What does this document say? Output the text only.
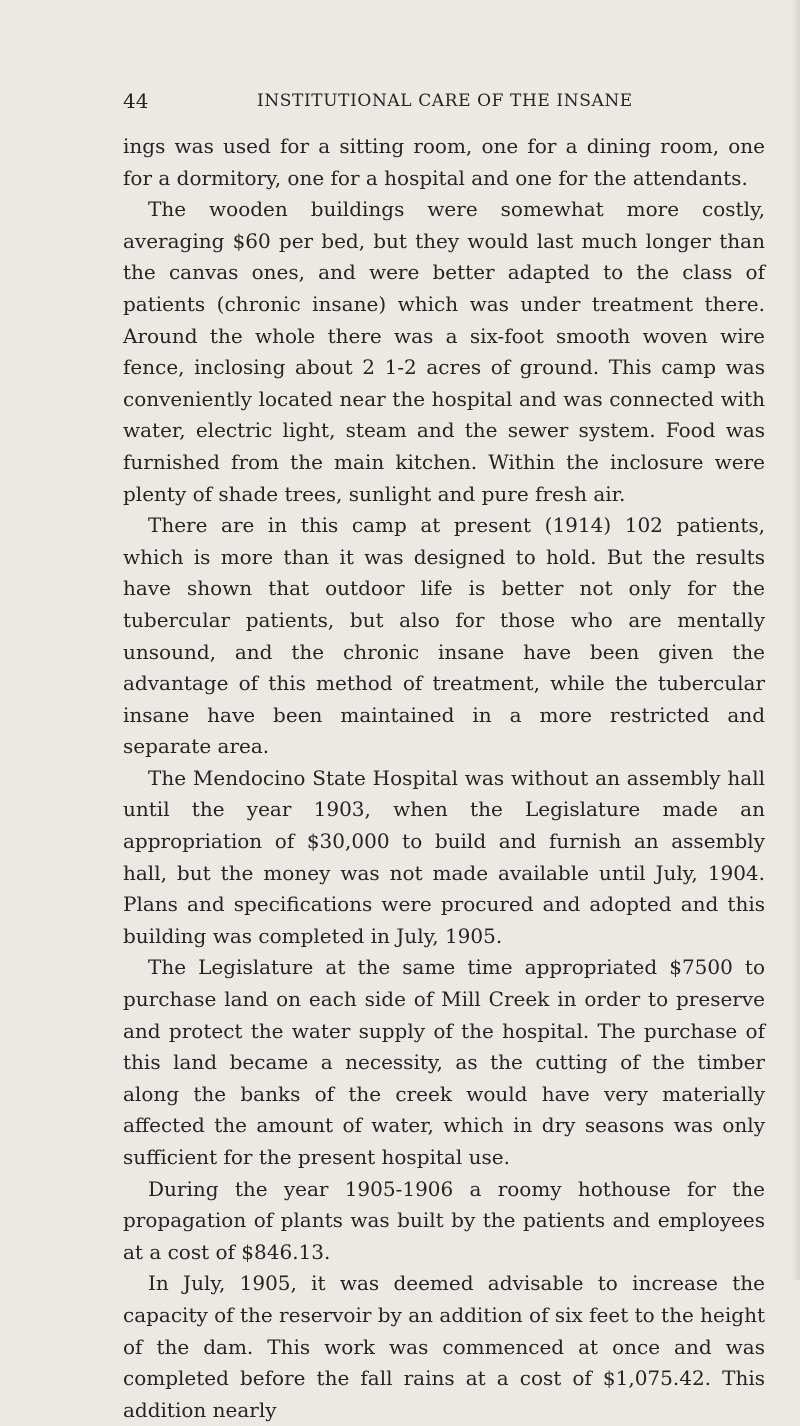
44	INSTITUTIONAL CARE OF THE INSANE

ings was used for a sitting room, one for a dining room, one for a dormitory, one for a hospital and one for the attendants.

The wooden buildings were somewhat more costly, averaging $60 per bed, but they would last much longer than the canvas ones, and were better adapted to the class of patients (chronic insane) which was under treatment there. Around the whole there was a six-foot smooth woven wire fence, inclosing about 2 1-2 acres of ground. This camp was conveniently located near the hospital and was connected with water, electric light, steam and the sewer system. Food was furnished from the main kitchen. Within the inclosure were plenty of shade trees, sunlight and pure fresh air.

There are in this camp at present (1914) 102 patients, which is more than it was designed to hold. But the results have shown that outdoor life is better not only for the tubercular patients, but also for those who are mentally unsound, and the chronic insane have been given the advantage of this method of treatment, while the tubercular insane have been maintained in a more restricted and separate area.

The Mendocino State Hospital was without an assembly hall until the year 1903, when the Legislature made an appropriation of $30,000 to build and furnish an assembly hall, but the money was not made available until July, 1904. Plans and specifications were procured and adopted and this building was completed in July, 1905.

The Legislature at the same time appropriated $7500 to purchase land on each side of Mill Creek in order to preserve and protect the water supply of the hospital. The purchase of this land became a necessity, as the cutting of the timber along the banks of the creek would have very materially affected the amount of water, which in dry seasons was only sufficient for the present hospital use.

During the year 1905-1906 a roomy hothouse for the propagation of plants was built by the patients and employees at a cost of $846.13.

In July, 1905, it was deemed advisable to increase the capacity of the reservoir by an addition of six feet to the height of the dam. This work was commenced at once and was completed before the fall rains at a cost of $1,075.42. This addition nearly
